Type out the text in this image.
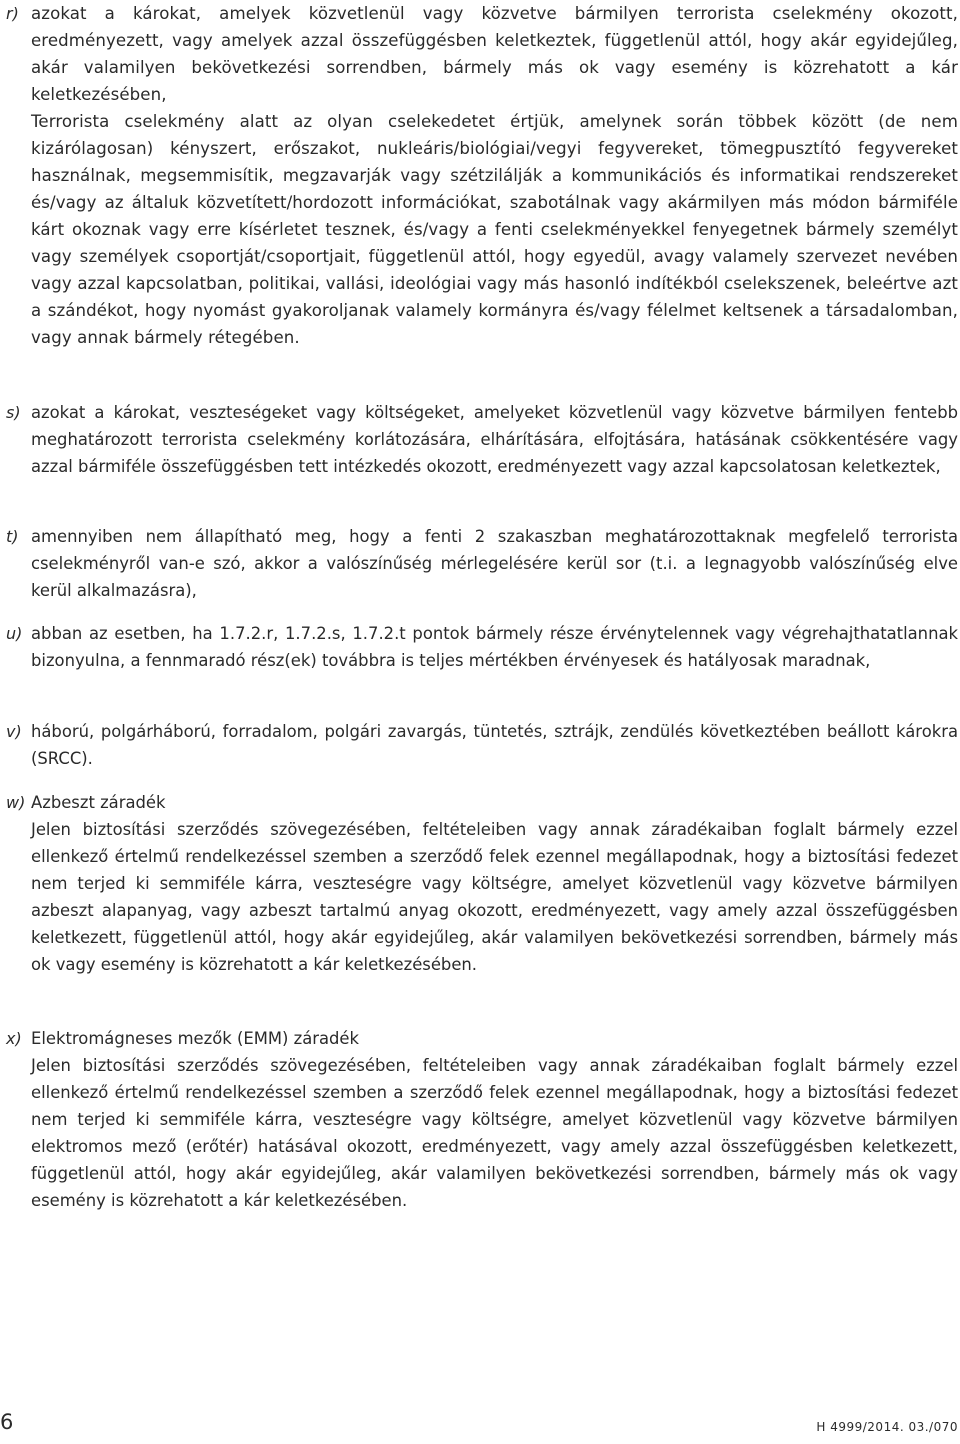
r) azokat a károkat, amelyek közvetlenül vagy közvetve bármilyen terrorista cselekmény okozott, eredményezett, vagy amelyek azzal összefüggésben keletkeztek, függetlenül attól, hogy akár egyidejűleg, akár valamilyen bekövetkezési sorrendben, bármely más ok vagy esemény is közrehatott a kár keletkezésében,

Terrorista cselekmény alatt az olyan cselekedetet értjük, amelynek során többek között (de nem kizárólagosan) kényszert, erőszakot, nukleáris/biológiai/vegyi fegyvereket, tömegpusztító fegyvereket használnak, megsemmisítik, megzavarják vagy szétzilálják a kommunikációs és informatikai rendszereket és/vagy az általuk közvetített/hordozott információkat, szabotálnak vagy akármilyen más módon bármiféle kárt okoznak vagy erre kísérletet tesznek, és/vagy a fenti cselekményekkel fenyegetnek bármely személyt vagy személyek csoportját/csoportjait, függetlenül attól, hogy egyedül, avagy valamely szervezet nevében vagy azzal kapcsolatban, politikai, vallási, ideológiai vagy más hasonló indítékból cselekszenek, beleértve azt a szándékot, hogy nyomást gyakoroljanak valamely kormányra és/vagy félelmet keltsenek a társadalomban, vagy annak bármely rétegében.

s) azokat a károkat, veszteségeket vagy költségeket, amelyeket közvetlenül vagy közvetve bármilyen fentebb meghatározott terrorista cselekmény korlátozására, elhárítására, elfojtására, hatásának csökkentésére vagy azzal bármiféle összefüggésben tett intézkedés okozott, eredményezett vagy azzal kapcsolatosan keletkeztek,

t) amennyiben nem állapítható meg, hogy a fenti 2 szakaszban meghatározottaknak megfelelő terrorista cselekményről van-e szó, akkor a valószínűség mérlegelésére kerül sor (t.i. a legnagyobb valószínűség elve kerül alkalmazásra),

u) abban az esetben, ha 1.7.2.r, 1.7.2.s, 1.7.2.t pontok bármely része érvénytelennek vagy végrehajthatatlannak bizonyulna, a fennmaradó rész(ek) továbbra is teljes mértékben érvényesek és hatályosak maradnak,

v) háború, polgárháború, forradalom, polgári zavargás, tüntetés, sztrájk, zendülés következtében beállott károkra (SRCC).

w) Azbeszt záradék

Jelen biztosítási szerződés szövegezésében, feltételeiben vagy annak záradékaiban foglalt bármely ezzel ellenkező értelmű rendelkezéssel szemben a szerződő felek ezennel megállapodnak, hogy a biztosítási fedezet nem terjed ki semmiféle kárra, veszteségre vagy költségre, amelyet közvetlenül vagy közvetve bármilyen azbeszt alapanyag, vagy azbeszt tartalmú anyag okozott, eredményezett, vagy amely azzal összefüggésben keletkezett, függetlenül attól, hogy akár egyidejűleg, akár valamilyen bekövetkezési sorrendben, bármely más ok vagy esemény is közrehatott a kár keletkezésében.

x) Elektromágneses mezők (EMM) záradék

Jelen biztosítási szerződés szövegezésében, feltételeiben vagy annak záradékaiban foglalt bármely ezzel ellenkező értelmű rendelkezéssel szemben a szerződő felek ezennel megállapodnak, hogy a biztosítási fedezet nem terjed ki semmiféle kárra, veszteségre vagy költségre, amelyet közvetlenül vagy közvetve bármilyen elektromos mező (erőtér) hatásával okozott, eredményezett, vagy amely azzal összefüggésben keletkezett, függetlenül attól, hogy akár egyidejűleg, akár valamilyen bekövetkezési sorrendben, bármely más ok vagy esemény is közrehatott a kár keletkezésében.

6	H 4999/2014. 03./070
